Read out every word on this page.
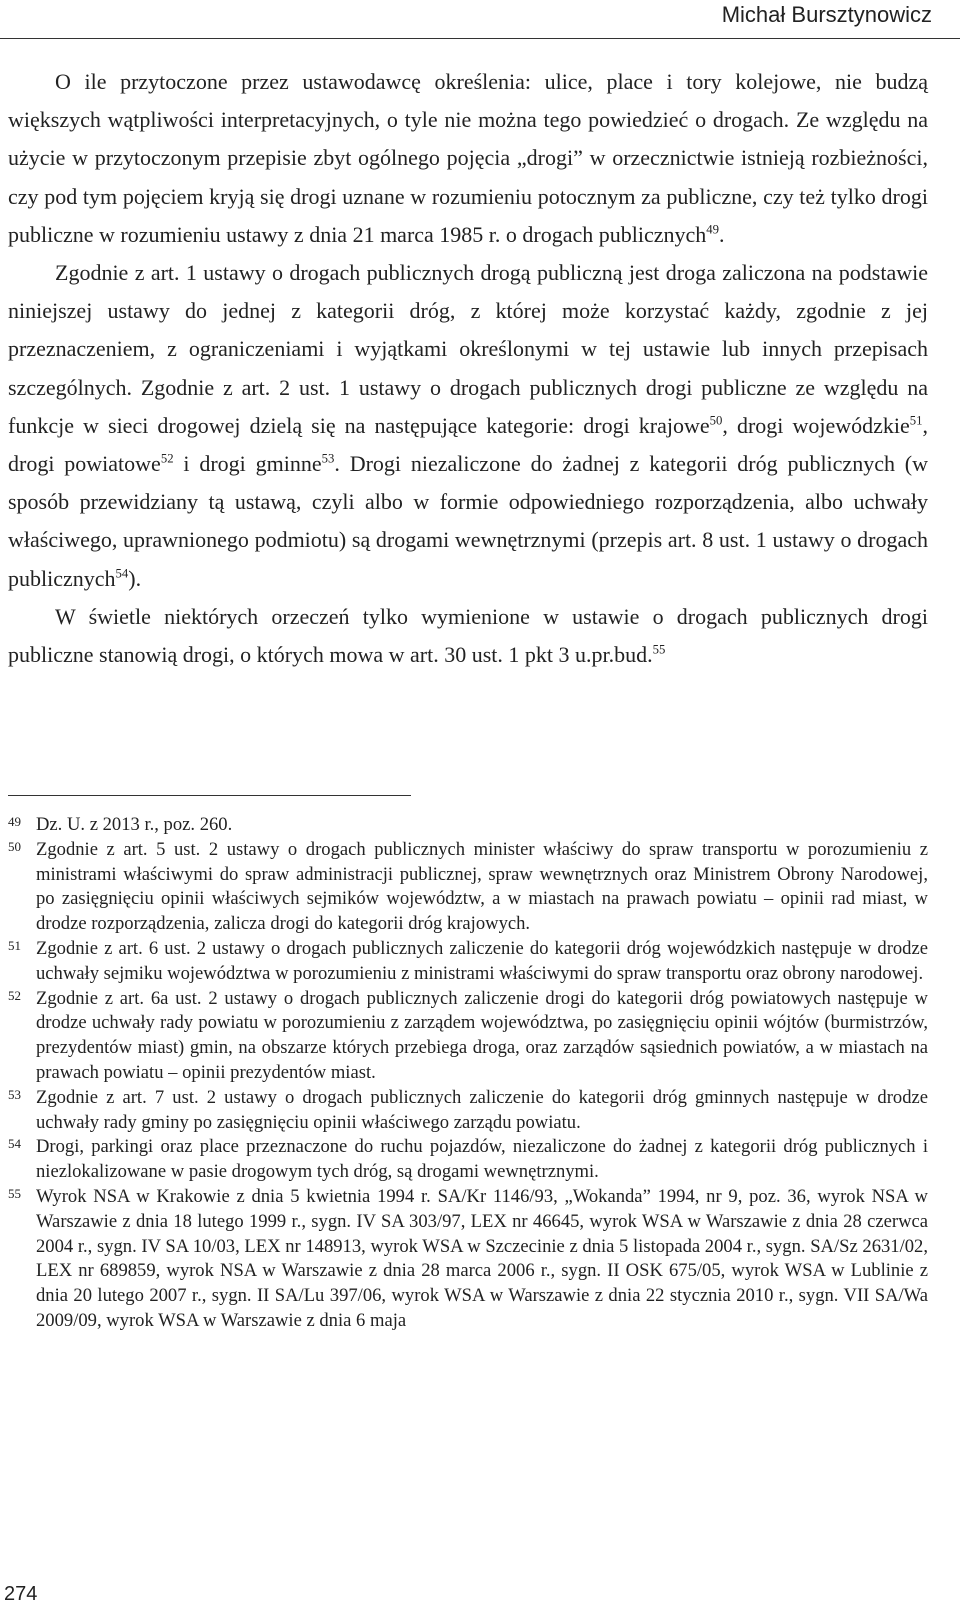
Michał Bursztynowicz

O ile przytoczone przez ustawodawcę określenia: ulice, place i tory kolejowe, nie budzą większych wątpliwości interpretacyjnych, o tyle nie można tego powiedzieć o drogach. Ze względu na użycie w przytoczonym przepisie zbyt ogólnego pojęcia „drogi” w orzecznictwie istnieją rozbieżności, czy pod tym pojęciem kryją się drogi uznane w rozumieniu potocznym za publiczne, czy też tylko drogi publiczne w rozumieniu ustawy z dnia 21 marca 1985 r. o drogach publicznych$^{49}$.

Zgodnie z art. 1 ustawy o drogach publicznych drogą publiczną jest droga zaliczona na podstawie niniejszej ustawy do jednej z kategorii dróg, z której może korzystać każdy, zgodnie z jej przeznaczeniem, z ograniczeniami i wyjątkami określonymi w tej ustawie lub innych przepisach szczególnych. Zgodnie z art. 2 ust. 1 ustawy o drogach publicznych drogi publiczne ze względu na funkcje w sieci drogowej dzielą się na następujące kategorie: drogi krajowe$^{50}$, drogi wojewódzkie$^{51}$, drogi powiatowe$^{52}$ i drogi gminne$^{53}$. Drogi niezaliczone do żadnej z kategorii dróg publicznych (w sposób przewidziany tą ustawą, czyli albo w formie odpowiedniego rozporządzenia, albo uchwały właściwego, uprawnionego podmiotu) są drogami wewnętrznymi (przepis art. 8 ust. 1 ustawy o drogach publicznych$^{54}$).

W świetle niektórych orzeczeń tylko wymienione w ustawie o drogach publicznych drogi publiczne stanowią drogi, o których mowa w art. 30 ust. 1 pkt 3 u.pr.bud.$^{55}$

49 Dz. U. z 2013 r., poz. 260.
50 Zgodnie z art. 5 ust. 2 ustawy o drogach publicznych minister właściwy do spraw transportu w porozumieniu z ministrami właściwymi do spraw administracji publicznej, spraw wewnętrznych oraz Ministrem Obrony Narodowej, po zasięgnięciu opinii właściwych sejmików województw, a w miastach na prawach powiatu – opinii rad miast, w drodze rozporządzenia, zalicza drogi do kategorii dróg krajowych.
51 Zgodnie z art. 6 ust. 2 ustawy o drogach publicznych zaliczenie do kategorii dróg wojewódzkich następuje w drodze uchwały sejmiku województwa w porozumieniu z ministrami właściwymi do spraw transportu oraz obrony narodowej.
52 Zgodnie z art. 6a ust. 2 ustawy o drogach publicznych zaliczenie drogi do kategorii dróg powiatowych następuje w drodze uchwały rady powiatu w porozumieniu z zarządem województwa, po zasięgnięciu opinii wójtów (burmistrzów, prezydentów miast) gmin, na obszarze których przebiega droga, oraz zarządów sąsiednich powiatów, a w miastach na prawach powiatu – opinii prezydentów miast.
53 Zgodnie z art. 7 ust. 2 ustawy o drogach publicznych zaliczenie do kategorii dróg gminnych następuje w drodze uchwały rady gminy po zasięgnięciu opinii właściwego zarządu powiatu.
54 Drogi, parkingi oraz place przeznaczone do ruchu pojazdów, niezaliczone do żadnej z kategorii dróg publicznych i niezlokalizowane w pasie drogowym tych dróg, są drogami wewnętrznymi.
55 Wyrok NSA w Krakowie z dnia 5 kwietnia 1994 r. SA/Kr 1146/93, „Wokanda” 1994, nr 9, poz. 36, wyrok NSA w Warszawie z dnia 18 lutego 1999 r., sygn. IV SA 303/97, LEX nr 46645, wyrok WSA w Warszawie z dnia 28 czerwca 2004 r., sygn. IV SA 10/03, LEX nr 148913, wyrok WSA w Szczecinie z dnia 5 listopada 2004 r., sygn. SA/Sz 2631/02, LEX nr 689859, wyrok NSA w Warszawie z dnia 28 marca 2006 r., sygn. II OSK 675/05, wyrok WSA w Lublinie z dnia 20 lutego 2007 r., sygn. II SA/Lu 397/06, wyrok WSA w Warszawie z dnia 22 stycznia 2010 r., sygn. VII SA/Wa 2009/09, wyrok WSA w Warszawie z dnia 6 maja
274
